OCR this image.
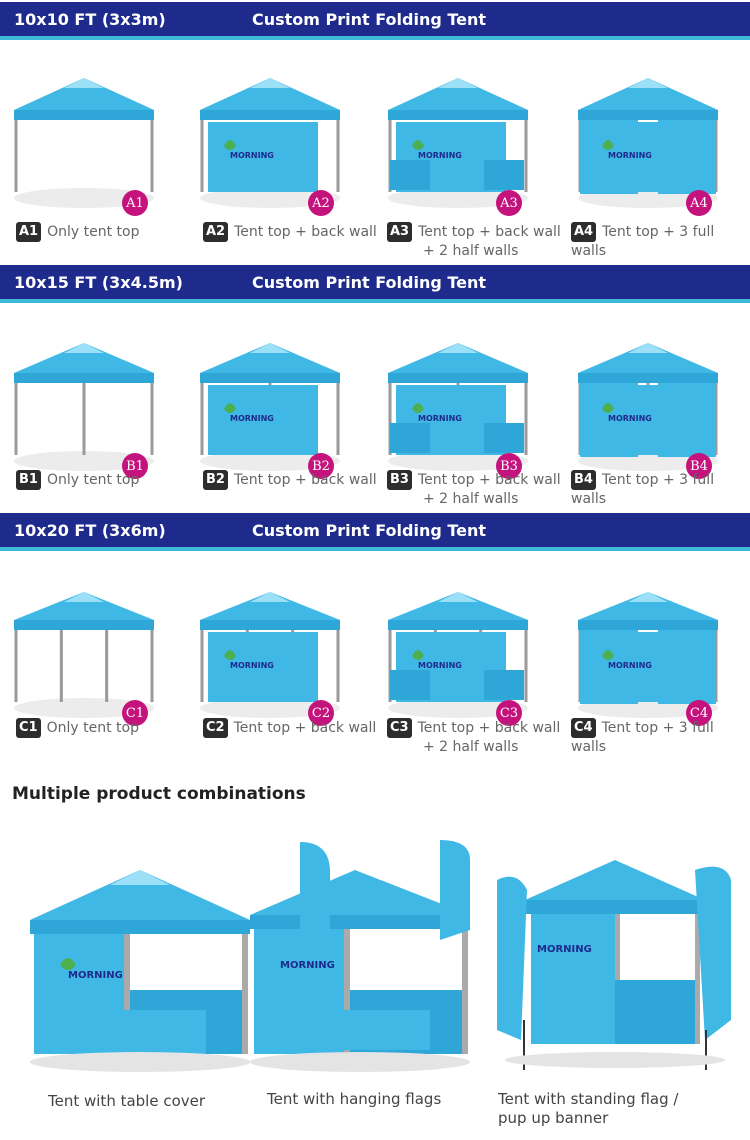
10x10 FT (3x3m)	Custom Print Folding Tent
10x15 FT (3x4.5m)	Custom Print Folding Tent
10x20 FT (3x6m)	Custom Print Folding Tent
A1
A1 Only tent top
MORNING
A2
A2 Tent top + back wall
MORNING
A3
A3 Tent top + back wall
+ 2 half walls
MORNING
A4
A4 Tent top + 3 full walls
B1
B1 Only tent top
MORNING
B2
B2 Tent top + back wall
MORNING
B3
B3 Tent top + back wall
+ 2 half walls
MORNING
B4
B4 Tent top + 3 full walls
C1
C1 Only tent top
MORNING
C2
C2 Tent top + back wall
MORNING
C3
C3 Tent top + back wall
+ 2 half walls
MORNING
C4
C4 Tent top + 3 full walls
Multiple product combinations
MORNING
MORNING
MORNING
Tent with table cover	Tent with hanging flags	Tent with standing flag /
pup up banner
